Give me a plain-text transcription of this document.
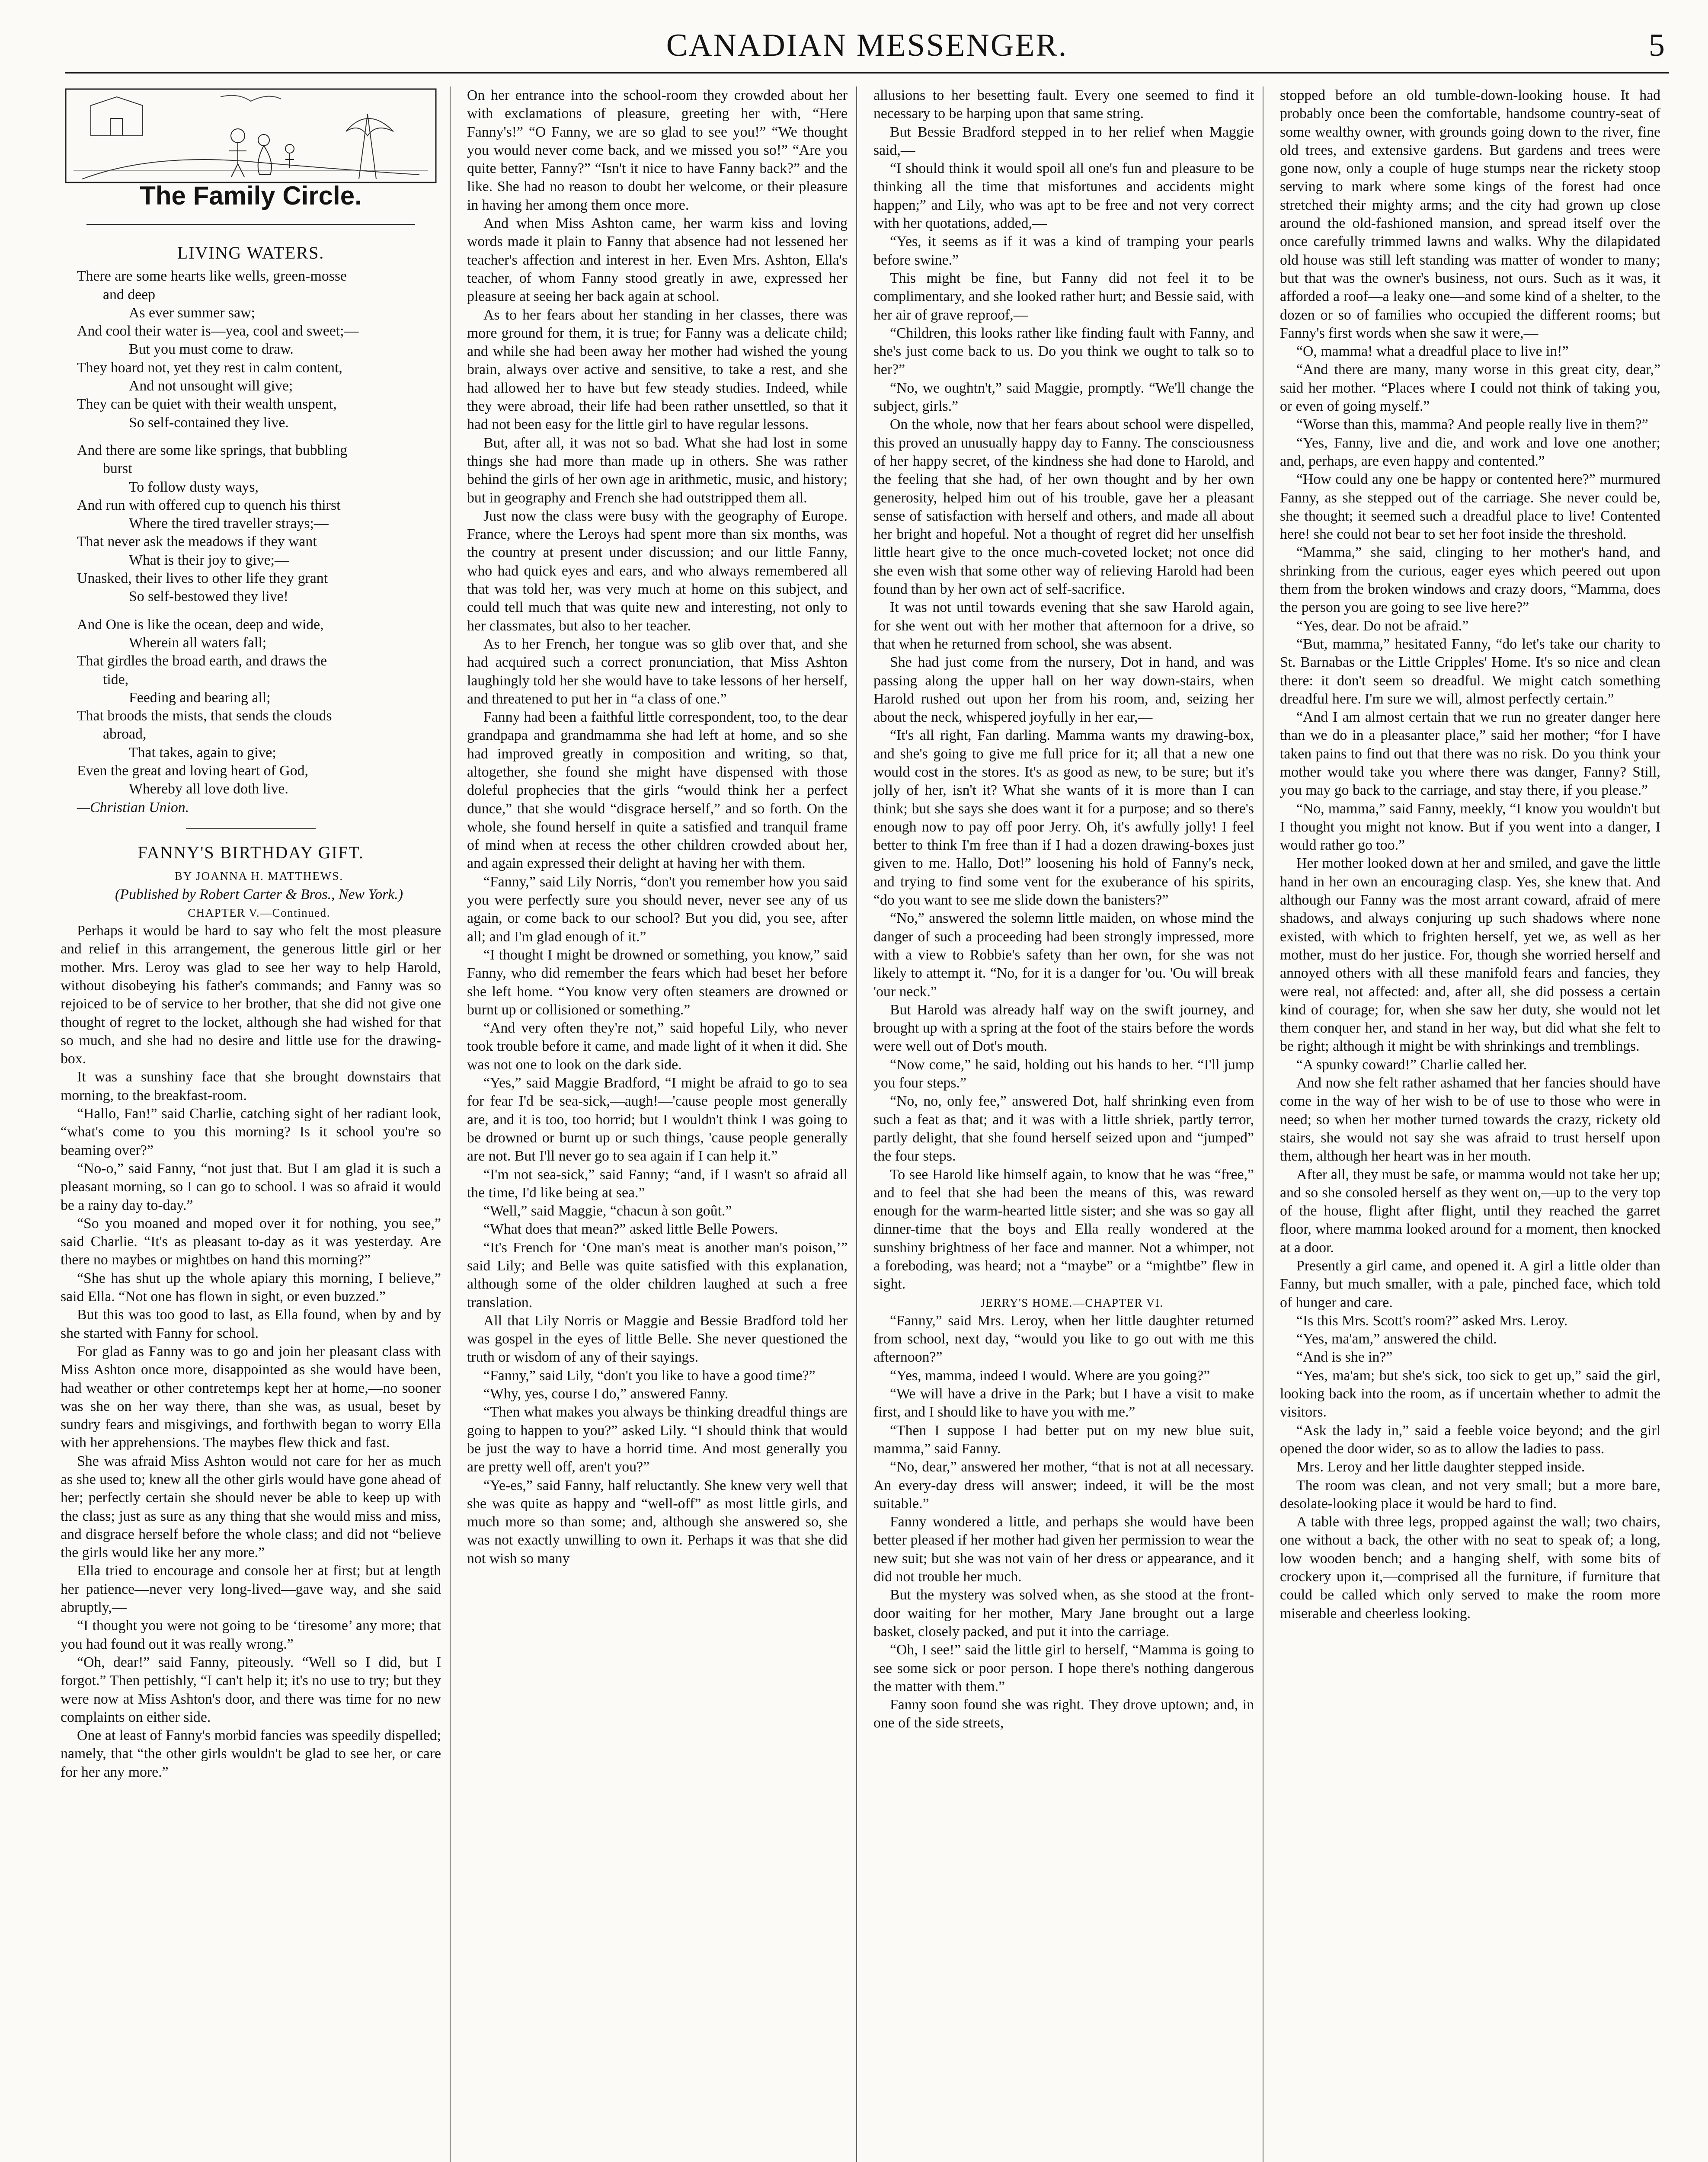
CANADIAN MESSENGER.	5
The Family Circle.
LIVING WATERS.

There are some hearts like wells, green-mosse

and deep

As ever summer saw;

And cool their water is—yea, cool and sweet;—

But you must come to draw.

They hoard not, yet they rest in calm content,

And not unsought will give;

They can be quiet with their wealth unspent,

So self-contained they live.

And there are some like springs, that bubbling

burst

To follow dusty ways,

And run with offered cup to quench his thirst

Where the tired traveller strays;—

That never ask the meadows if they want

What is their joy to give;—

Unasked, their lives to other life they grant

So self-bestowed they live!

And One is like the ocean, deep and wide,

Wherein all waters fall;

That girdles the broad earth, and draws the

tide,

Feeding and bearing all;

That broods the mists, that sends the clouds

abroad,

That takes, again to give;

Even the great and loving heart of God,

Whereby all love doth live.

—Christian Union.

FANNY'S BIRTHDAY GIFT.

BY JOANNA H. MATTHEWS.

(Published by Robert Carter & Bros., New York.)

CHAPTER V.—Continued.

Perhaps it would be hard to say who felt the most pleasure and relief in this arrangement, the generous little girl or her mother. Mrs. Leroy was glad to see her way to help Harold, without disobeying his father's commands; and Fanny was so rejoiced to be of service to her brother, that she did not give one thought of regret to the locket, although she had wished for that so much, and she had no desire and little use for the drawing-box.

It was a sunshiny face that she brought downstairs that morning, to the breakfast-room.

“Hallo, Fan!” said Charlie, catching sight of her radiant look, “what's come to you this morning? Is it school you're so beaming over?”

“No-o,” said Fanny, “not just that. But I am glad it is such a pleasant morning, so I can go to school. I was so afraid it would be a rainy day to-day.”

“So you moaned and moped over it for nothing, you see,” said Charlie. “It's as pleasant to-day as it was yesterday. Are there no maybes or mightbes on hand this morning?”

“She has shut up the whole apiary this morning, I believe,” said Ella. “Not one has flown in sight, or even buzzed.”

But this was too good to last, as Ella found, when by and by she started with Fanny for school.

For glad as Fanny was to go and join her pleasant class with Miss Ashton once more, disappointed as she would have been, had weather or other contretemps kept her at home,—no sooner was she on her way there, than she was, as usual, beset by sundry fears and misgivings, and forthwith began to worry Ella with her apprehensions. The maybes flew thick and fast.

She was afraid Miss Ashton would not care for her as much as she used to; knew all the other girls would have gone ahead of her; perfectly certain she should never be able to keep up with the class; just as sure as any thing that she would miss and miss, and disgrace herself before the whole class; and did not “believe the girls would like her any more.”

Ella tried to encourage and console her at first; but at length her patience—never very long-lived—gave way, and she said abruptly,—

“I thought you were not going to be ‘tiresome’ any more; that you had found out it was really wrong.”

“Oh, dear!” said Fanny, piteously. “Well so I did, but I forgot.” Then pettishly, “I can't help it; it's no use to try; but they were now at Miss Ashton's door, and there was time for no new complaints on either side.

One at least of Fanny's morbid fancies was speedily dispelled; namely, that “the other girls wouldn't be glad to see her, or care for her any more.”

On her entrance into the school-room they crowded about her with exclamations of pleasure, greeting her with, “Here Fanny's!” “O Fanny, we are so glad to see you!” “We thought you would never come back, and we missed you so!” “Are you quite better, Fanny?” “Isn't it nice to have Fanny back?” and the like. She had no reason to doubt her welcome, or their pleasure in having her among them once more.

And when Miss Ashton came, her warm kiss and loving words made it plain to Fanny that absence had not lessened her teacher's affection and interest in her. Even Mrs. Ashton, Ella's teacher, of whom Fanny stood greatly in awe, expressed her pleasure at seeing her back again at school.

As to her fears about her standing in her classes, there was more ground for them, it is true; for Fanny was a delicate child; and while she had been away her mother had wished the young brain, always over active and sensitive, to take a rest, and she had allowed her to have but few steady studies. Indeed, while they were abroad, their life had been rather unsettled, so that it had not been easy for the little girl to have regular lessons.

But, after all, it was not so bad. What she had lost in some things she had more than made up in others. She was rather behind the girls of her own age in arithmetic, music, and history; but in geography and French she had outstripped them all.

Just now the class were busy with the geography of Europe. France, where the Leroys had spent more than six months, was the country at present under discussion; and our little Fanny, who had quick eyes and ears, and who always remembered all that was told her, was very much at home on this subject, and could tell much that was quite new and interesting, not only to her classmates, but also to her teacher.

As to her French, her tongue was so glib over that, and she had acquired such a correct pronunciation, that Miss Ashton laughingly told her she would have to take lessons of her herself, and threatened to put her in “a class of one.”

Fanny had been a faithful little correspondent, too, to the dear grandpapa and grandmamma she had left at home, and so she had improved greatly in composition and writing, so that, altogether, she found she might have dispensed with those doleful prophecies that the girls “would think her a perfect dunce,” that she would “disgrace herself,” and so forth. On the whole, she found herself in quite a satisfied and tranquil frame of mind when at recess the other children crowded about her, and again expressed their delight at having her with them.

“Fanny,” said Lily Norris, “don't you remember how you said you were perfectly sure you should never, never see any of us again, or come back to our school? But you did, you see, after all; and I'm glad enough of it.”

“I thought I might be drowned or something, you know,” said Fanny, who did remember the fears which had beset her before she left home. “You know very often steamers are drowned or burnt up or collisioned or something.”

“And very often they're not,” said hopeful Lily, who never took trouble before it came, and made light of it when it did. She was not one to look on the dark side.

“Yes,” said Maggie Bradford, “I might be afraid to go to sea for fear I'd be sea-sick,—augh!—'cause people most generally are, and it is too, too horrid; but I wouldn't think I was going to be drowned or burnt up or such things, 'cause people generally are not. But I'll never go to sea again if I can help it.”

“I'm not sea-sick,” said Fanny; “and, if I wasn't so afraid all the time, I'd like being at sea.”

“Well,” said Maggie, “chacun à son goût.”

“What does that mean?” asked little Belle Powers.

“It's French for ‘One man's meat is another man's poison,’” said Lily; and Belle was quite satisfied with this explanation, although some of the older children laughed at such a free translation.

All that Lily Norris or Maggie and Bessie Bradford told her was gospel in the eyes of little Belle. She never questioned the truth or wisdom of any of their sayings.

“Fanny,” said Lily, “don't you like to have a good time?”

“Why, yes, course I do,” answered Fanny.

“Then what makes you always be thinking dreadful things are going to happen to you?” asked Lily. “I should think that would be just the way to have a horrid time. And most generally you are pretty well off, aren't you?”

“Ye-es,” said Fanny, half reluctantly. She knew very well that she was quite as happy and “well-off” as most little girls, and much more so than some; and, although she answered so, she was not exactly unwilling to own it. Perhaps it was that she did not wish so many

allusions to her besetting fault. Every one seemed to find it necessary to be harping upon that same string.

But Bessie Bradford stepped in to her relief when Maggie said,—

“I should think it would spoil all one's fun and pleasure to be thinking all the time that misfortunes and accidents might happen;” and Lily, who was apt to be free and not very correct with her quotations, added,—

“Yes, it seems as if it was a kind of tramping your pearls before swine.”

This might be fine, but Fanny did not feel it to be complimentary, and she looked rather hurt; and Bessie said, with her air of grave reproof,—

“Children, this looks rather like finding fault with Fanny, and she's just come back to us. Do you think we ought to talk so to her?”

“No, we oughtn't,” said Maggie, promptly. “We'll change the subject, girls.”

On the whole, now that her fears about school were dispelled, this proved an unusually happy day to Fanny. The consciousness of her happy secret, of the kindness she had done to Harold, and the feeling that she had, of her own thought and by her own generosity, helped him out of his trouble, gave her a pleasant sense of satisfaction with herself and others, and made all about her bright and hopeful. Not a thought of regret did her unselfish little heart give to the once much-coveted locket; not once did she even wish that some other way of relieving Harold had been found than by her own act of self-sacrifice.

It was not until towards evening that she saw Harold again, for she went out with her mother that afternoon for a drive, so that when he returned from school, she was absent.

She had just come from the nursery, Dot in hand, and was passing along the upper hall on her way down-stairs, when Harold rushed out upon her from his room, and, seizing her about the neck, whispered joyfully in her ear,—

“It's all right, Fan darling. Mamma wants my drawing-box, and she's going to give me full price for it; all that a new one would cost in the stores. It's as good as new, to be sure; but it's jolly of her, isn't it? What she wants of it is more than I can think; but she says she does want it for a purpose; and so there's enough now to pay off poor Jerry. Oh, it's awfully jolly! I feel better to think I'm free than if I had a dozen drawing-boxes just given to me. Hallo, Dot!” loosening his hold of Fanny's neck, and trying to find some vent for the exuberance of his spirits, “do you want to see me slide down the banisters?”

“No,” answered the solemn little maiden, on whose mind the danger of such a proceeding had been strongly impressed, more with a view to Robbie's safety than her own, for she was not likely to attempt it. “No, for it is a danger for 'ou. 'Ou will break 'our neck.”

But Harold was already half way on the swift journey, and brought up with a spring at the foot of the stairs before the words were well out of Dot's mouth.

“Now come,” he said, holding out his hands to her. “I'll jump you four steps.”

“No, no, only fee,” answered Dot, half shrinking even from such a feat as that; and it was with a little shriek, partly terror, partly delight, that she found herself seized upon and “jumped” the four steps.

To see Harold like himself again, to know that he was “free,” and to feel that she had been the means of this, was reward enough for the warm-hearted little sister; and she was so gay all dinner-time that the boys and Ella really wondered at the sunshiny brightness of her face and manner. Not a whimper, not a foreboding, was heard; not a “maybe” or a “mightbe” flew in sight.

JERRY'S HOME.—CHAPTER VI.

“Fanny,” said Mrs. Leroy, when her little daughter returned from school, next day, “would you like to go out with me this afternoon?”

“Yes, mamma, indeed I would. Where are you going?”

“We will have a drive in the Park; but I have a visit to make first, and I should like to have you with me.”

“Then I suppose I had better put on my new blue suit, mamma,” said Fanny.

“No, dear,” answered her mother, “that is not at all necessary. An every-day dress will answer; indeed, it will be the most suitable.”

Fanny wondered a little, and perhaps she would have been better pleased if her mother had given her permission to wear the new suit; but she was not vain of her dress or appearance, and it did not trouble her much.

But the mystery was solved when, as she stood at the front-door waiting for her mother, Mary Jane brought out a large basket, closely packed, and put it into the carriage.

“Oh, I see!” said the little girl to herself, “Mamma is going to see some sick or poor person. I hope there's nothing dangerous the matter with them.”

Fanny soon found she was right. They drove uptown; and, in one of the side streets,

stopped before an old tumble-down-looking house. It had probably once been the comfortable, handsome country-seat of some wealthy owner, with grounds going down to the river, fine old trees, and extensive gardens. But gardens and trees were gone now, only a couple of huge stumps near the rickety stoop serving to mark where some kings of the forest had once stretched their mighty arms; and the city had grown up close around the old-fashioned mansion, and spread itself over the once carefully trimmed lawns and walks. Why the dilapidated old house was still left standing was matter of wonder to many; but that was the owner's business, not ours. Such as it was, it afforded a roof—a leaky one—and some kind of a shelter, to the dozen or so of families who occupied the different rooms; but Fanny's first words when she saw it were,—

“O, mamma! what a dreadful place to live in!”

“And there are many, many worse in this great city, dear,” said her mother. “Places where I could not think of taking you, or even of going myself.”

“Worse than this, mamma? And people really live in them?”

“Yes, Fanny, live and die, and work and love one another; and, perhaps, are even happy and contented.”

“How could any one be happy or contented here?” murmured Fanny, as she stepped out of the carriage. She never could be, she thought; it seemed such a dreadful place to live! Contented here! she could not bear to set her foot inside the threshold.

“Mamma,” she said, clinging to her mother's hand, and shrinking from the curious, eager eyes which peered out upon them from the broken windows and crazy doors, “Mamma, does the person you are going to see live here?”

“Yes, dear. Do not be afraid.”

“But, mamma,” hesitated Fanny, “do let's take our charity to St. Barnabas or the Little Cripples' Home. It's so nice and clean there: it don't seem so dreadful. We might catch something dreadful here. I'm sure we will, almost perfectly certain.”

“And I am almost certain that we run no greater danger here than we do in a pleasanter place,” said her mother; “for I have taken pains to find out that there was no risk. Do you think your mother would take you where there was danger, Fanny? Still, you may go back to the carriage, and stay there, if you please.”

“No, mamma,” said Fanny, meekly, “I know you wouldn't but I thought you might not know. But if you went into a danger, I would rather go too.”

Her mother looked down at her and smiled, and gave the little hand in her own an encouraging clasp. Yes, she knew that. And although our Fanny was the most arrant coward, afraid of mere shadows, and always conjuring up such shadows where none existed, with which to frighten herself, yet we, as well as her mother, must do her justice. For, though she worried herself and annoyed others with all these manifold fears and fancies, they were real, not affected: and, after all, she did possess a certain kind of courage; for, when she saw her duty, she would not let them conquer her, and stand in her way, but did what she felt to be right; although it might be with shrinkings and tremblings.

“A spunky coward!” Charlie called her.

And now she felt rather ashamed that her fancies should have come in the way of her wish to be of use to those who were in need; so when her mother turned towards the crazy, rickety old stairs, she would not say she was afraid to trust herself upon them, although her heart was in her mouth.

After all, they must be safe, or mamma would not take her up; and so she consoled herself as they went on,—up to the very top of the house, flight after flight, until they reached the garret floor, where mamma looked around for a moment, then knocked at a door.

Presently a girl came, and opened it. A girl a little older than Fanny, but much smaller, with a pale, pinched face, which told of hunger and care.

“Is this Mrs. Scott's room?” asked Mrs. Leroy.

“Yes, ma'am,” answered the child.

“And is she in?”

“Yes, ma'am; but she's sick, too sick to get up,” said the girl, looking back into the room, as if uncertain whether to admit the visitors.

“Ask the lady in,” said a feeble voice beyond; and the girl opened the door wider, so as to allow the ladies to pass.

Mrs. Leroy and her little daughter stepped inside.

The room was clean, and not very small; but a more bare, desolate-looking place it would be hard to find.

A table with three legs, propped against the wall; two chairs, one without a back, the other with no seat to speak of; a long, low wooden bench; and a hanging shelf, with some bits of crockery upon it,—comprised all the furniture, if furniture that could be called which only served to make the room more miserable and cheerless looking.
